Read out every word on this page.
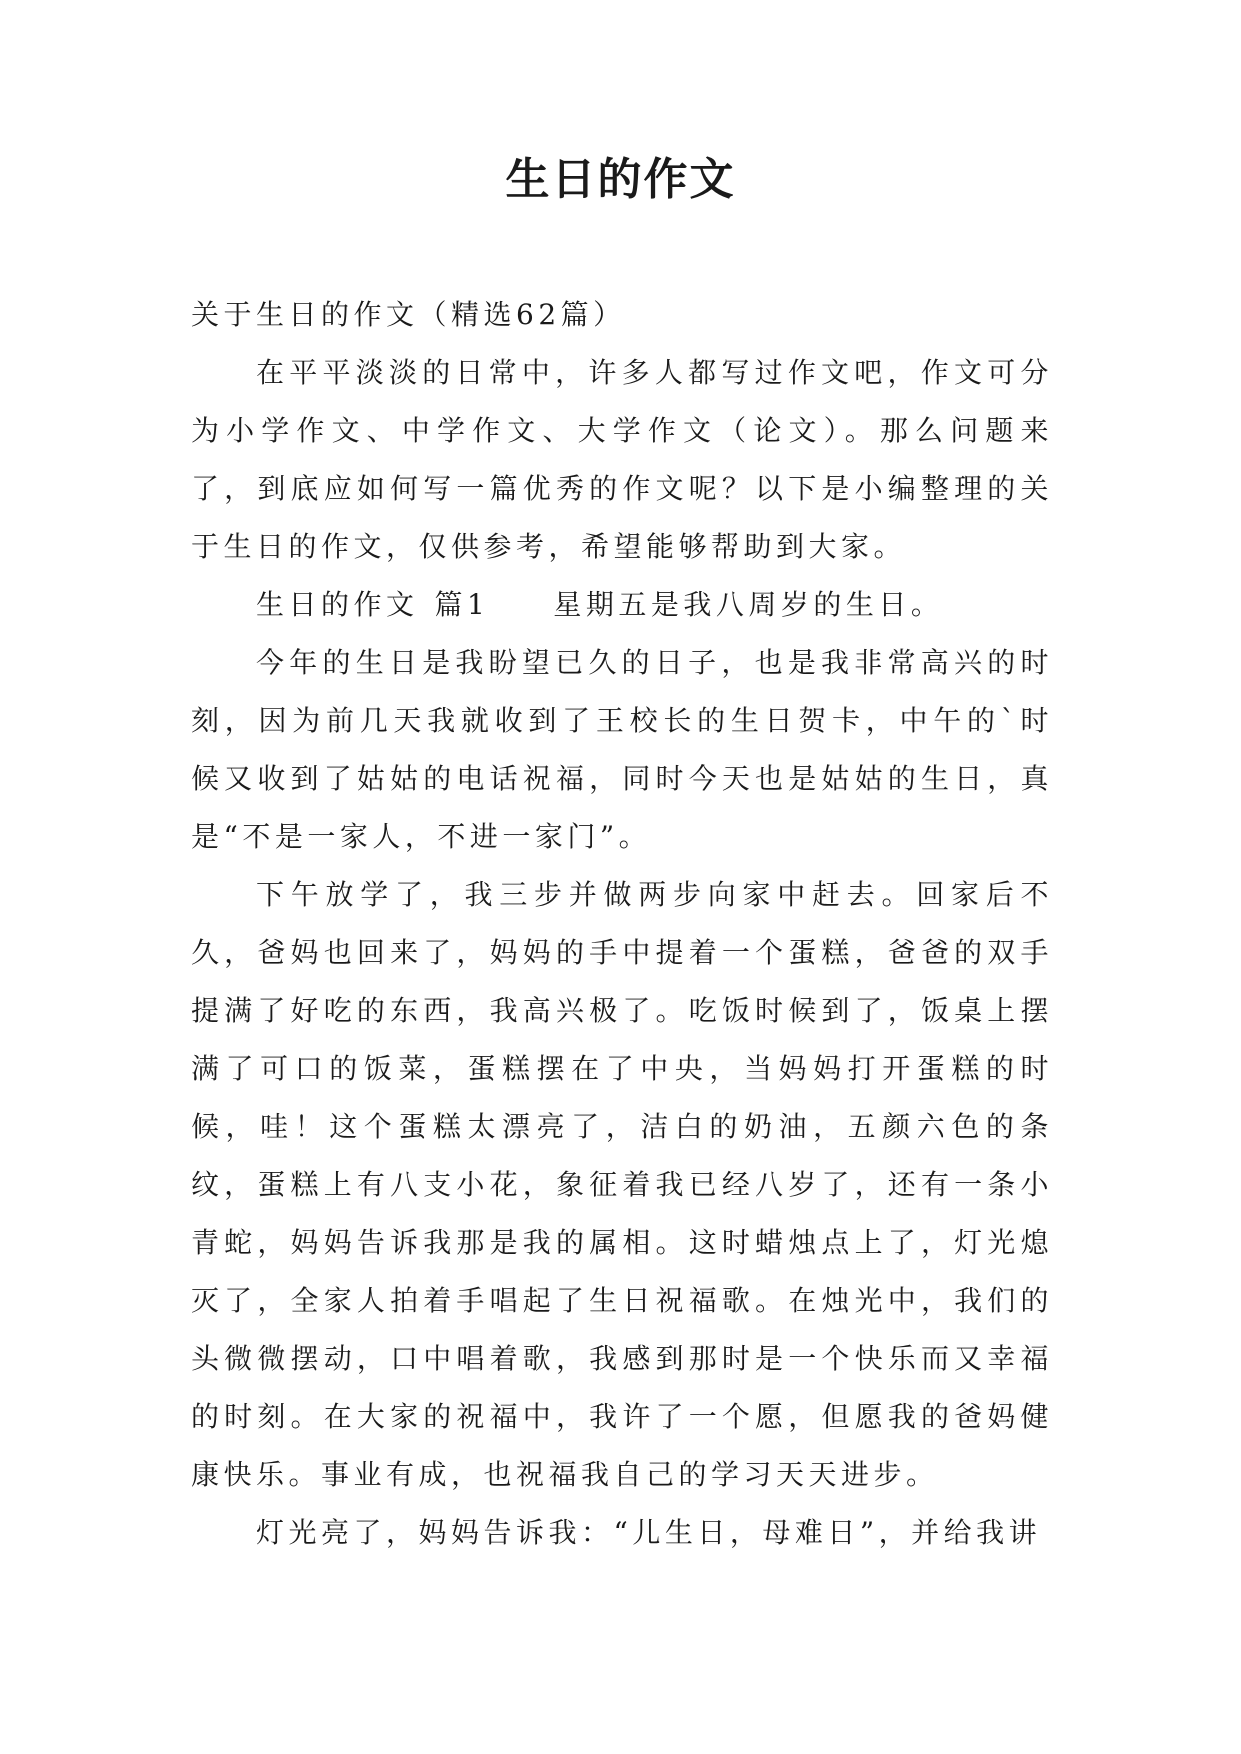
生日的作文

关于生日的作文（精选62篇）

在平平淡淡的日常中，许多人都写过作文吧，作文可分为小学作文、中学作文、大学作文（论文）。那么问题来了，到底应如何写一篇优秀的作文呢？以下是小编整理的关于生日的作文，仅供参考，希望能够帮助到大家。

生日的作文 篇1 星期五是我八周岁的生日。

今年的生日是我盼望已久的日子，也是我非常高兴的时刻，因为前几天我就收到了王校长的生日贺卡，中午的`时候又收到了姑姑的电话祝福，同时今天也是姑姑的生日，真是“不是一家人，不进一家门”。

下午放学了，我三步并做两步向家中赶去。回家后不久，爸妈也回来了，妈妈的手中提着一个蛋糕，爸爸的双手提满了好吃的东西，我高兴极了。吃饭时候到了，饭桌上摆满了可口的饭菜，蛋糕摆在了中央，当妈妈打开蛋糕的时候，哇！这个蛋糕太漂亮了，洁白的奶油，五颜六色的条纹，蛋糕上有八支小花，象征着我已经八岁了，还有一条小青蛇，妈妈告诉我那是我的属相。这时蜡烛点上了，灯光熄灭了，全家人拍着手唱起了生日祝福歌。在烛光中，我们的头微微摆动，口中唱着歌，我感到那时是一个快乐而又幸福的时刻。在大家的祝福中，我许了一个愿，但愿我的爸妈健康快乐。事业有成，也祝福我自己的学习天天进步。

灯光亮了，妈妈告诉我：“儿生日，母难日”，并给我讲
